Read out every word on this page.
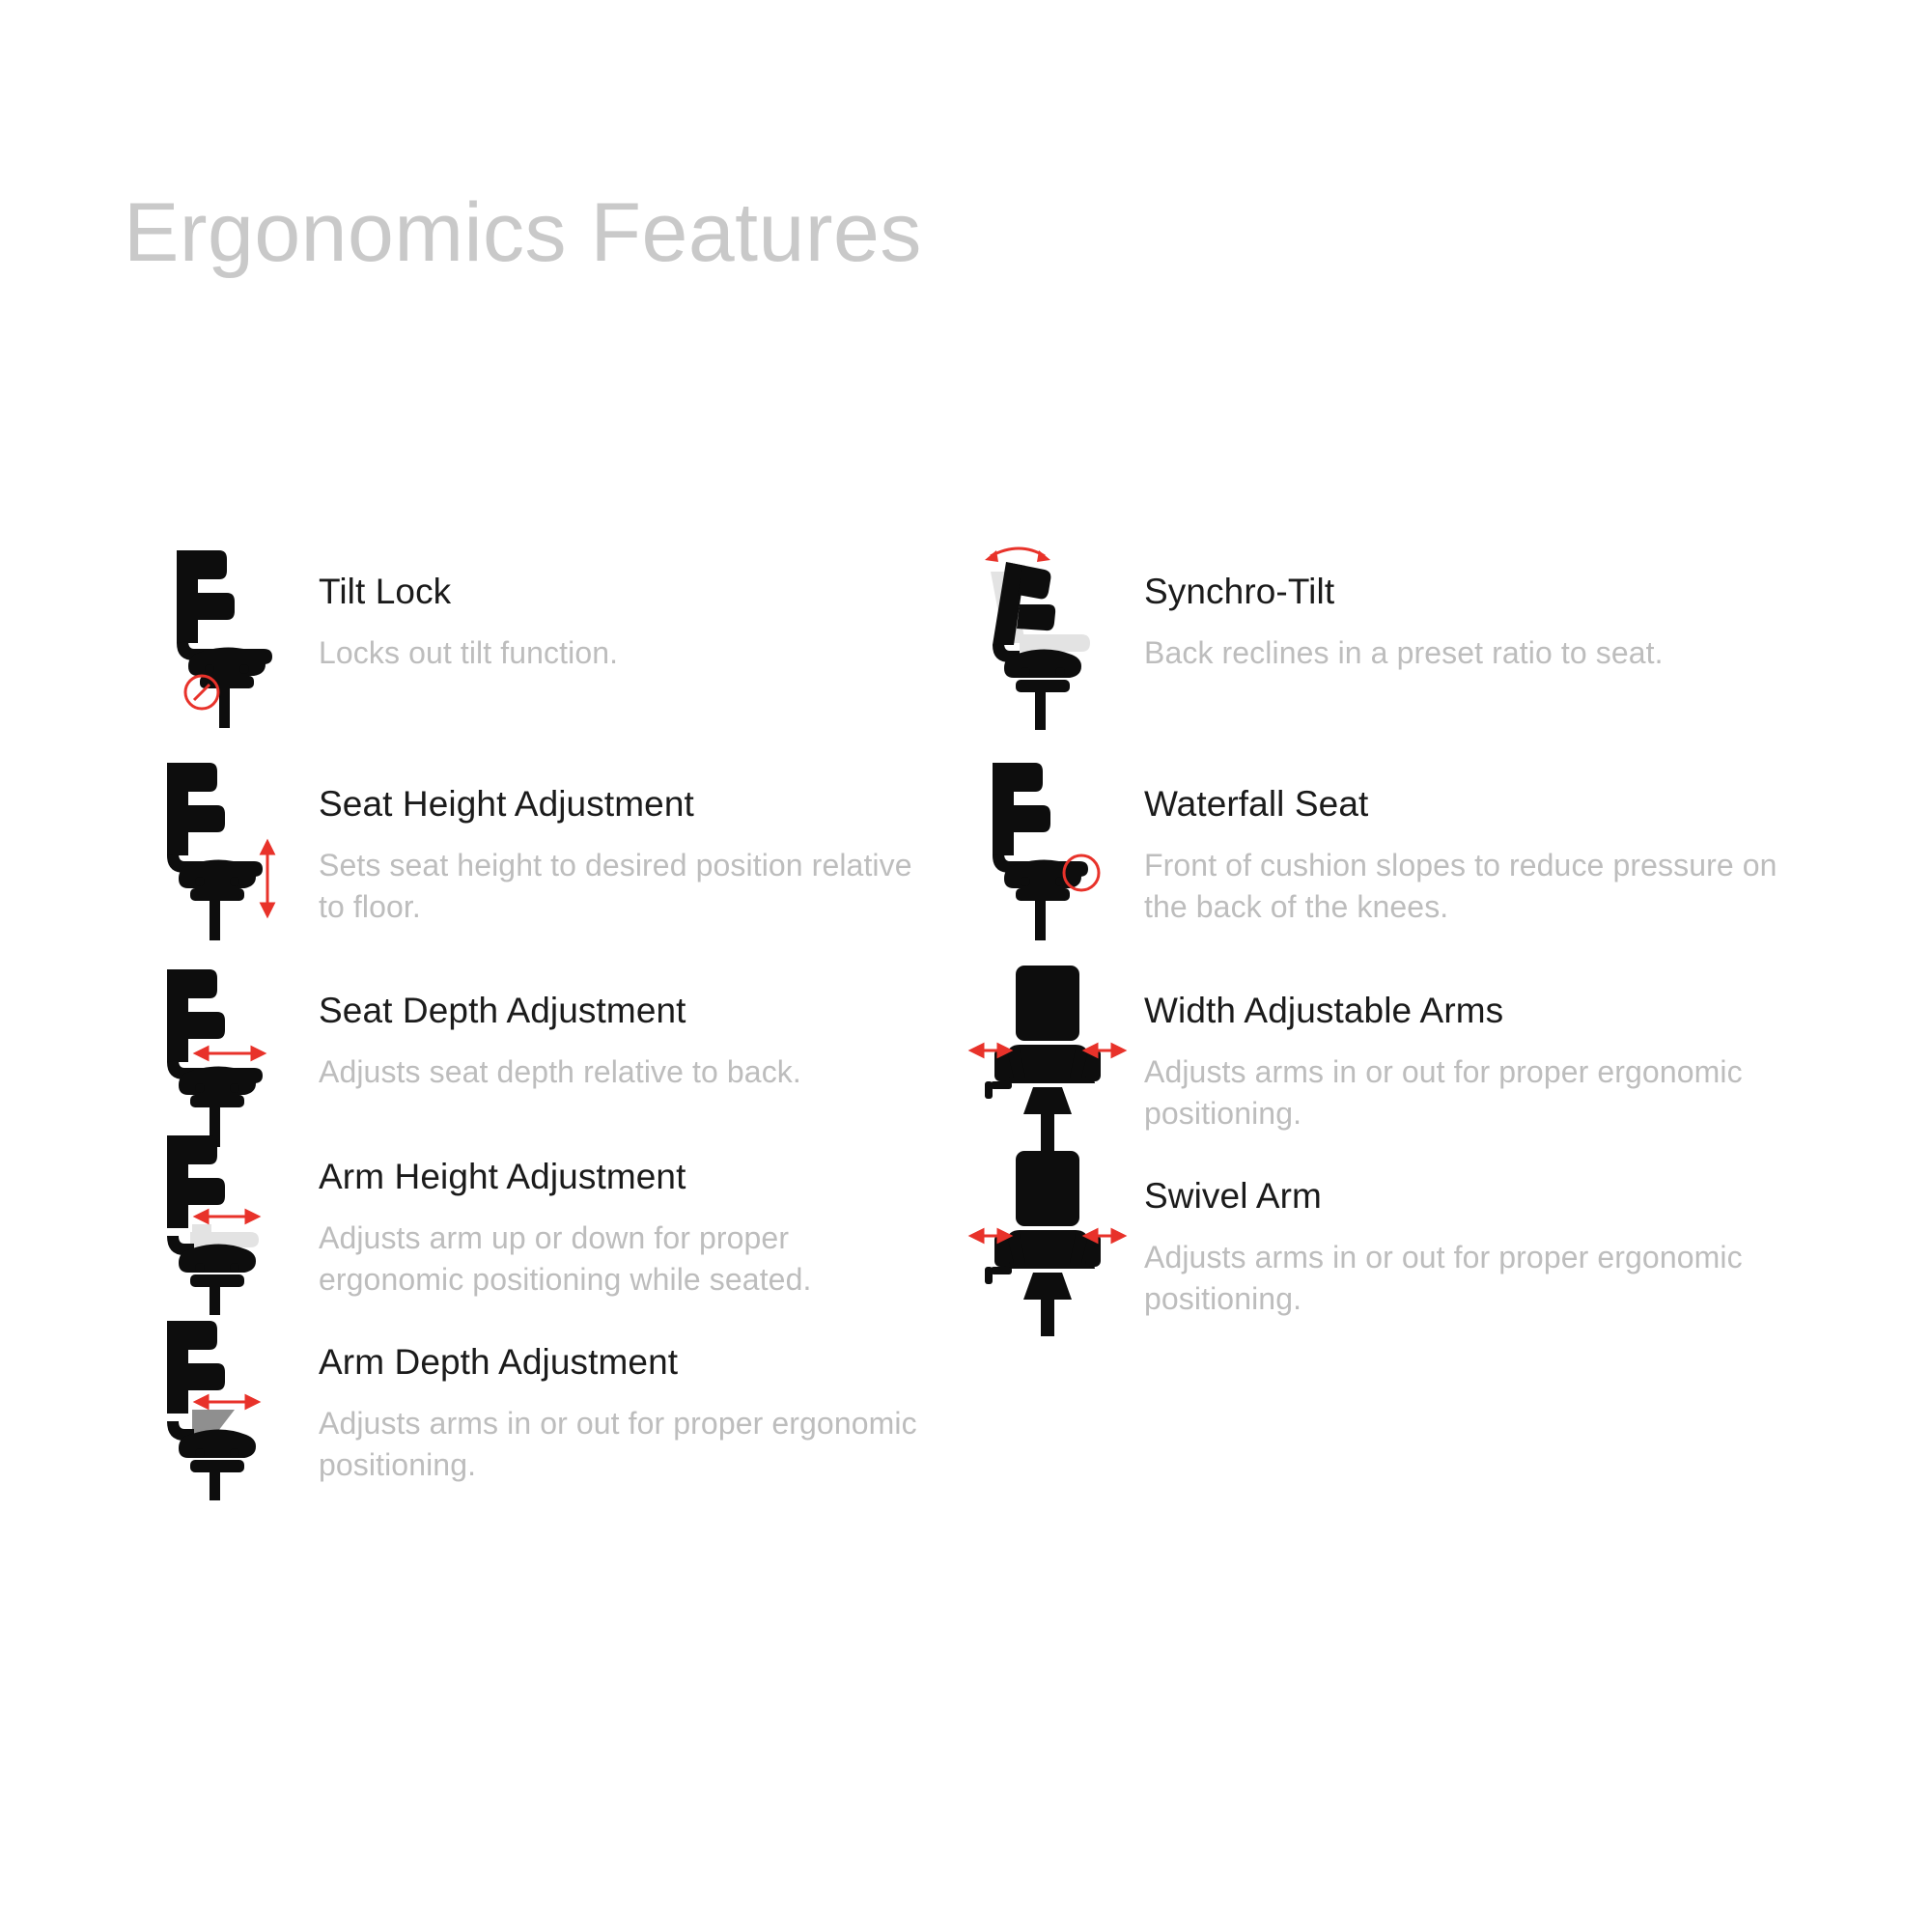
Ergonomics Features
Tilt Lock
Locks out tilt function.
Seat Height Adjustment
Sets seat height to desired position relative to floor.
Seat Depth Adjustment
Adjusts seat depth relative to back.
Arm Height Adjustment
Adjusts arm up or down for proper ergonomic positioning while seated.
Arm Depth Adjustment
Adjusts arms in or out for proper ergonomic positioning.
Synchro-Tilt
Back reclines in a preset ratio to seat.
Waterfall Seat
Front of cushion slopes to reduce pressure on the back of the knees.
Width Adjustable Arms
Adjusts arms in or out for proper ergonomic positioning.
Swivel Arm
Adjusts arms in or out for proper ergonomic positioning.
